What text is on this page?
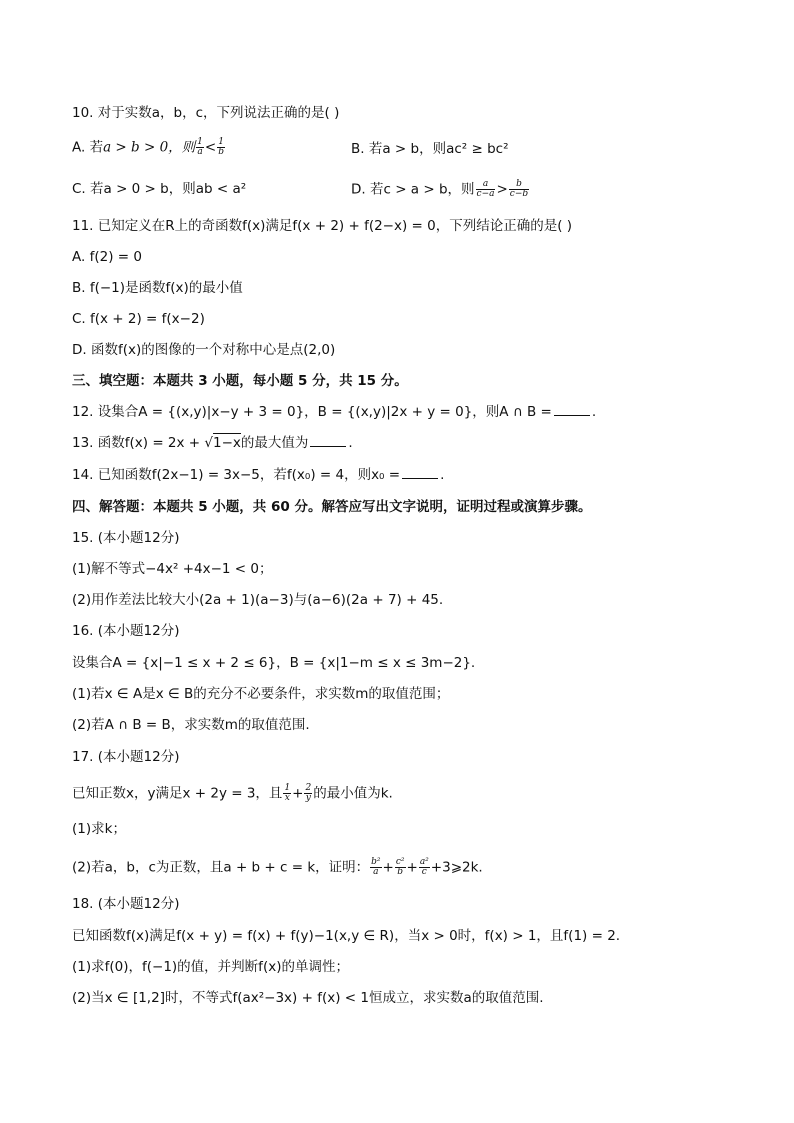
10. 对于实数a，b，c，下列说法正确的是( )
A. 若a > b > 0，则 $\frac{1}{a} < \frac{1}{b}$	B. 若a > b，则ac² ≥ bc²
C. 若a > 0 > b，则ab < a²	D. 若c > a > b，则 $\frac{a}{c-a} > \frac{b}{c-b}$
11. 已知定义在R上的奇函数f(x)满足f(x + 2) + f(2−x) = 0，下列结论正确的是( )
A. f(2) = 0
B. f(−1)是函数f(x)的最小值
C. f(x + 2) = f(x−2)
D. 函数f(x)的图像的一个对称中心是点(2,0)
三、填空题：本题共 3 小题，每小题 5 分，共 15 分。
12. 设集合A = {(x,y)|x−y + 3 = 0}，B = {(x,y)|2x + y = 0}，则A ∩ B =	.
13. 函数f(x) = 2x + √1−x的最大值为	.
14. 已知函数f(2x−1) = 3x−5，若f(x₀) = 4，则x₀ =	.
四、解答题：本题共 5 小题，共 60 分。解答应写出文字说明，证明过程或演算步骤。
15. (本小题12分)
(1)解不等式−4x² +4x−1 < 0；
(2)用作差法比较大小(2a + 1)(a−3)与(a−6)(2a + 7) + 45.
16. (本小题12分)
设集合A = {x|−1 ≤ x + 2 ≤ 6}，B = {x|1−m ≤ x ≤ 3m−2}.
(1)若x ∈ A是x ∈ B的充分不必要条件，求实数m的取值范围；
(2)若A ∩ B = B，求实数m的取值范围.
17. (本小题12分)
已知正数x，y满足x + 2y = 3，且 $\frac{1}{x} + \frac{2}{y}$ 的最小值为k.
(1)求k；
(2)若a，b，c为正数，且a + b + c = k，证明： $\frac{\text{b²}}{a} + \frac{\text{c²}}{b} + \frac{\text{a²}}{c}$ +3⩾2k.
18. (本小题12分)
已知函数f(x)满足f(x + y) = f(x) + f(y)−1(x,y ∈ R)，当x > 0时，f(x) > 1，且f(1) = 2.
(1)求f(0)，f(−1)的值，并判断f(x)的单调性；
(2)当x ∈ [1,2]时，不等式f(ax²−3x) + f(x) < 1恒成立，求实数a的取值范围.
